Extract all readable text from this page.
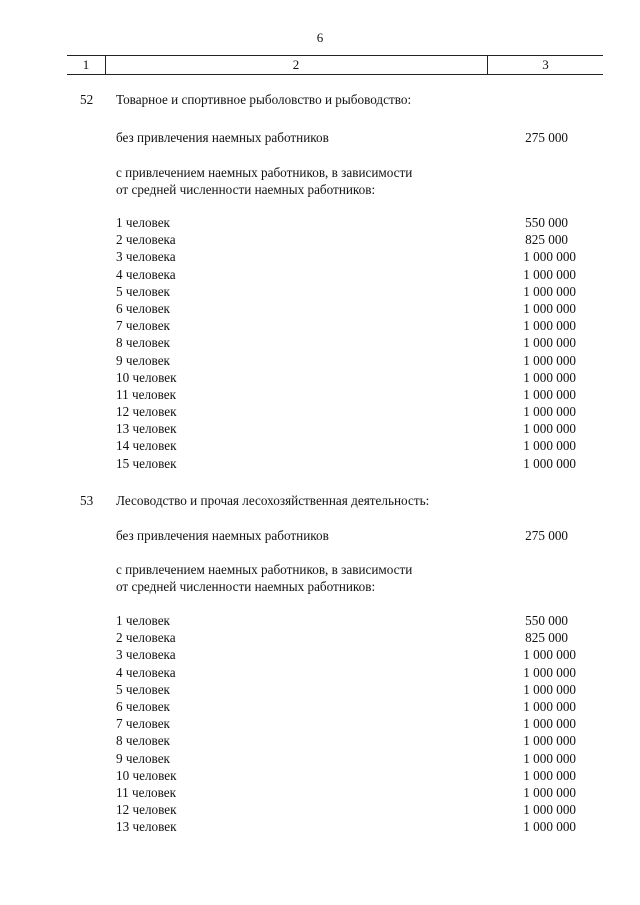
6
1	2	3
52 Товарное и спортивное рыболовство и рыбоводство:
без привлечения наемных работников	275 000
с привлечением наемных работников, в зависимости
от средней численности наемных работников:
1 человек	550 000
2 человека	825 000
3 человека	1 000 000
4 человека	1 000 000
5 человек	1 000 000
6 человек	1 000 000
7 человек	1 000 000
8 человек	1 000 000
9 человек	1 000 000
10 человек	1 000 000
11 человек	1 000 000
12 человек	1 000 000
13 человек	1 000 000
14 человек	1 000 000
15 человек	1 000 000
53 Лесоводство и прочая лесохозяйственная деятельность:
без привлечения наемных работников	275 000
с привлечением наемных работников, в зависимости
от средней численности наемных работников:
1 человек	550 000
2 человека	825 000
3 человека	1 000 000
4 человека	1 000 000
5 человек	1 000 000
6 человек	1 000 000
7 человек	1 000 000
8 человек	1 000 000
9 человек	1 000 000
10 человек	1 000 000
11 человек	1 000 000
12 человек	1 000 000
13 человек	1 000 000
